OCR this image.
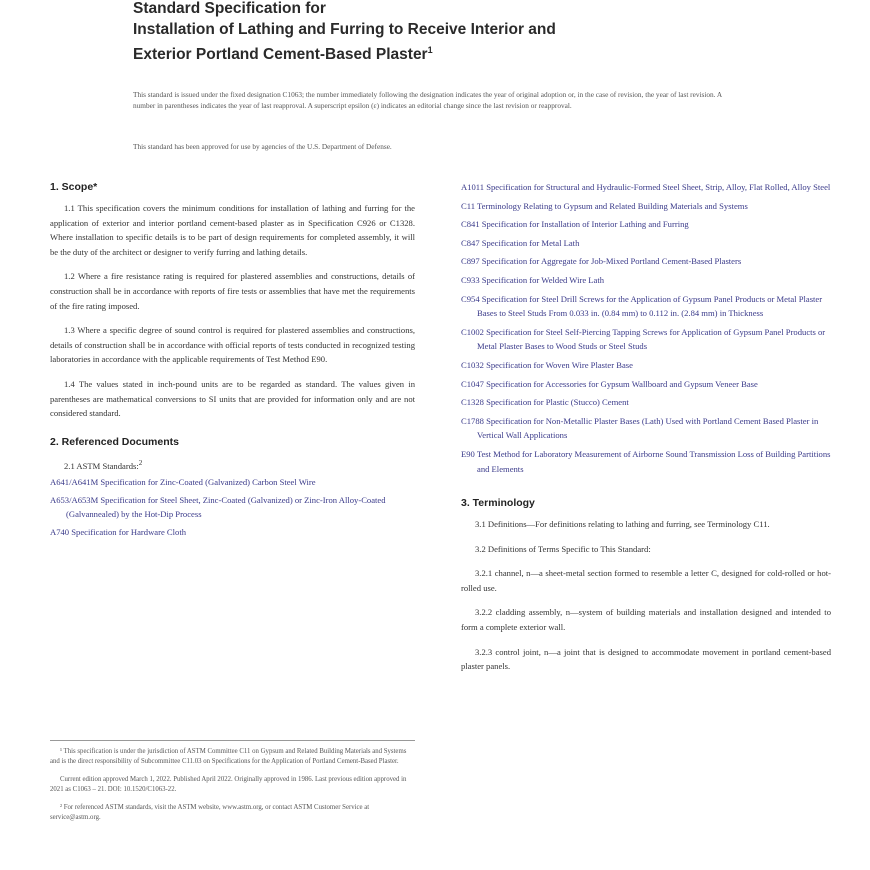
Standard Specification for
Installation of Lathing and Furring to Receive Interior and
Exterior Portland Cement-Based Plaster$^1$
This standard is issued under the fixed designation C1063; the number immediately following the designation indicates the year of original adoption or, in the case of revision, the year of last revision. A number in parentheses indicates the year of last reapproval. A superscript epsilon (ε) indicates an editorial change since the last revision or reapproval.
This standard has been approved for use by agencies of the U.S. Department of Defense.
1. Scope*

1.1 This specification covers the minimum conditions for installation of lathing and furring for the application of exterior and interior portland cement-based plaster as in Specification C926 or C1328. Where installation to specific details is to be part of design requirements for completed assembly, it will be the duty of the architect or designer to verify furring and lathing details.

1.2 Where a fire resistance rating is required for plastered assemblies and constructions, details of construction shall be in accordance with reports of fire tests or assemblies that have met the requirements of the fire rating imposed.

1.3 Where a specific degree of sound control is required for plastered assemblies and constructions, details of construction shall be in accordance with official reports of tests conducted in recognized testing laboratories in accordance with the applicable requirements of Test Method E90.

1.4 The values stated in inch-pound units are to be regarded as standard. The values given in parentheses are mathematical conversions to SI units that are provided for information only and are not considered standard.

2. Referenced Documents
2.1 ASTM Standards:$^2$
A641/A641M Specification for Zinc-Coated (Galvanized) Carbon Steel Wire
A653/A653M Specification for Steel Sheet, Zinc-Coated (Galvanized) or Zinc-Iron Alloy-Coated (Galvannealed) by the Hot-Dip Process
A740 Specification for Hardware Cloth

¹ This specification is under the jurisdiction of ASTM Committee C11 on Gypsum and Related Building Materials and Systems and is the direct responsibility of Subcommittee C11.03 on Specifications for the Application of Portland Cement-Based Plaster.

Current edition approved March 1, 2022. Published April 2022. Originally approved in 1986. Last previous edition approved in 2021 as C1063 – 21. DOI: 10.1520/C1063-22.

² For referenced ASTM standards, visit the ASTM website, www.astm.org, or contact ASTM Customer Service at service@astm.org.

A1011 Specification for Structural and Hydraulic-Formed Steel Sheet, Strip, Alloy, Flat Rolled, Alloy Steel
C11 Terminology Relating to Gypsum and Related Building Materials and Systems
C841 Specification for Installation of Interior Lathing and Furring
C847 Specification for Metal Lath
C897 Specification for Aggregate for Job-Mixed Portland Cement-Based Plasters
C933 Specification for Welded Wire Lath
C954 Specification for Steel Drill Screws for the Application of Gypsum Panel Products or Metal Plaster Bases to Steel Studs From 0.033 in. (0.84 mm) to 0.112 in. (2.84 mm) in Thickness
C1002 Specification for Steel Self-Piercing Tapping Screws for Application of Gypsum Panel Products or Metal Plaster Bases to Wood Studs or Steel Studs
C1032 Specification for Woven Wire Plaster Base
C1047 Specification for Accessories for Gypsum Wallboard and Gypsum Veneer Base
C1328 Specification for Plastic (Stucco) Cement
C1788 Specification for Non-Metallic Plaster Bases (Lath) Used with Portland Cement Based Plaster in Vertical Wall Applications
E90 Test Method for Laboratory Measurement of Airborne Sound Transmission Loss of Building Partitions and Elements
3. Terminology

3.1 Definitions—For definitions relating to lathing and furring, see Terminology C11.

3.2 Definitions of Terms Specific to This Standard:

3.2.1 channel, n—a sheet-metal section formed to resemble a letter C, designed for cold-rolled or hot-rolled use.

3.2.2 cladding assembly, n—system of building materials and installation designed and intended to form a complete exterior wall.

3.2.3 control joint, n—a joint that is designed to accommodate movement in portland cement-based plaster panels.
